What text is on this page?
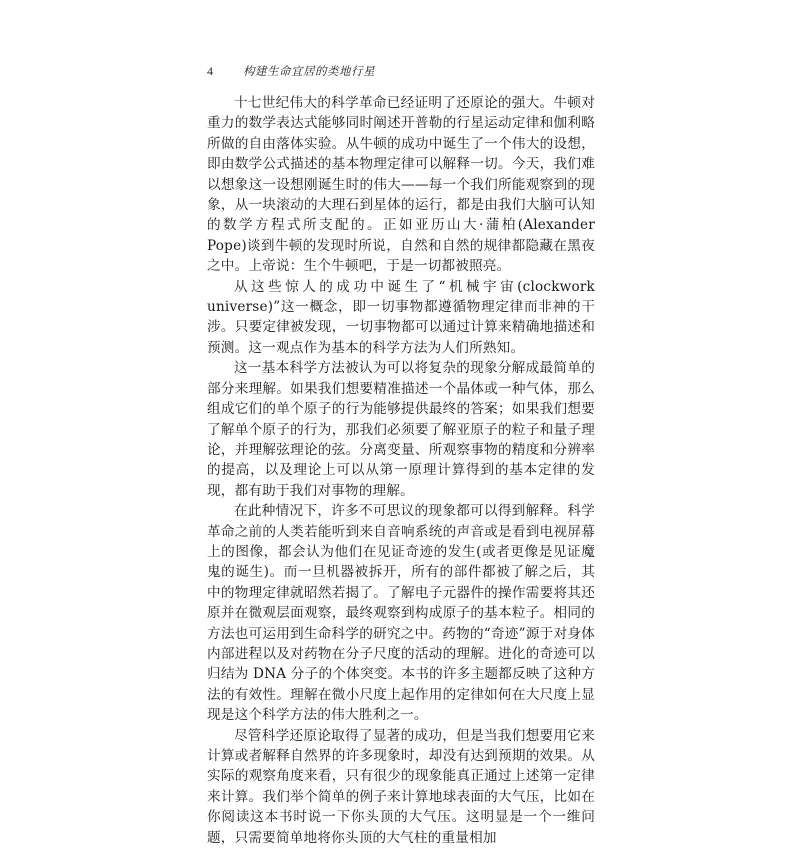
4	构建生命宜居的类地行星

十七世纪伟大的科学革命已经证明了还原论的强大。牛顿对重力的数学表达式能够同时阐述开普勒的行星运动定律和伽利略所做的自由落体实验。从牛顿的成功中诞生了一个伟大的设想，即由数学公式描述的基本物理定律可以解释一切。今天，我们难以想象这一设想刚诞生时的伟大——每一个我们所能观察到的现象，从一块滚动的大理石到星体的运行，都是由我们大脑可认知的数学方程式所支配的。正如亚历山大·蒲柏(Alexander Pope)谈到牛顿的发现时所说，自然和自然的规律都隐藏在黑夜之中。上帝说：生个牛顿吧，于是一切都被照亮。

从这些惊人的成功中诞生了“机械宇宙(clockwork universe)”这一概念，即一切事物都遵循物理定律而非神的干涉。只要定律被发现，一切事物都可以通过计算来精确地描述和预测。这一观点作为基本的科学方法为人们所熟知。

这一基本科学方法被认为可以将复杂的现象分解成最简单的部分来理解。如果我们想要精准描述一个晶体或一种气体，那么组成它们的单个原子的行为能够提供最终的答案；如果我们想要了解单个原子的行为，那我们必须要了解亚原子的粒子和量子理论，并理解弦理论的弦。分离变量、所观察事物的精度和分辨率的提高，以及理论上可以从第一原理计算得到的基本定律的发现，都有助于我们对事物的理解。

在此种情况下，许多不可思议的现象都可以得到解释。科学革命之前的人类若能听到来自音响系统的声音或是看到电视屏幕上的图像，都会认为他们在见证奇迹的发生(或者更像是见证魔鬼的诞生)。而一旦机器被拆开，所有的部件都被了解之后，其中的物理定律就昭然若揭了。了解电子元器件的操作需要将其还原并在微观层面观察，最终观察到构成原子的基本粒子。相同的方法也可运用到生命科学的研究之中。药物的“奇迹”源于对身体内部进程以及对药物在分子尺度的活动的理解。进化的奇迹可以归结为 DNA 分子的个体突变。本书的许多主题都反映了这种方法的有效性。理解在微小尺度上起作用的定律如何在大尺度上显现是这个科学方法的伟大胜利之一。

尽管科学还原论取得了显著的成功，但是当我们想要用它来计算或者解释自然界的许多现象时，却没有达到预期的效果。从实际的观察角度来看，只有很少的现象能真正通过上述第一定律来计算。我们举个简单的例子来计算地球表面的大气压，比如在你阅读这本书时说一下你头顶的大气压。这明显是一个一维问题，只需要简单地将你头顶的大气柱的重量相加
